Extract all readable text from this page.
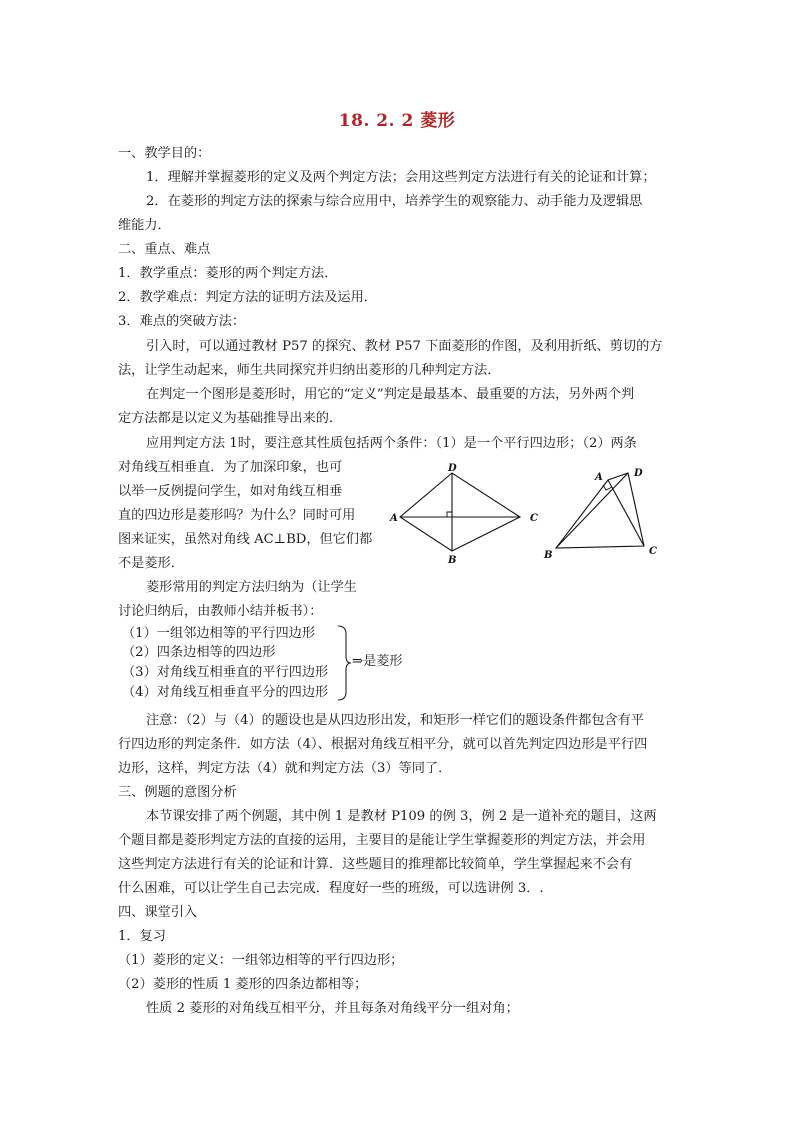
18. 2. 2 菱形
一、教学目的：
1．理解并掌握菱形的定义及两个判定方法；会用这些判定方法进行有关的论证和计算；
2．在菱形的判定方法的探索与综合应用中，培养学生的观察能力、动手能力及逻辑思
维能力．
二、重点、难点
1．教学重点：菱形的两个判定方法．
2．教学难点：判定方法的证明方法及运用．
3．难点的突破方法：
引入时，可以通过教材 P57 的探究、教材 P57 下面菱形的作图，及利用折纸、剪切的方
法，让学生动起来，师生共同探究并归纳出菱形的几种判定方法．
在判定一个图形是菱形时，用它的“定义”判定是最基本、最重要的方法，另外两个判
定方法都是以定义为基础推导出来的．
应用判定方法 1时，要注意其性质包括两个条件：（1）是一个平行四边形；（2）两条
对角线互相垂直．为了加深印象，也可
以举一反例提问学生，如对角线互相垂
直的四边形是菱形吗？为什么？同时可用
图来证实，虽然对角线 AC⊥BD，但它们都
不是菱形．
菱形常用的判定方法归纳为（让学生
讨论归纳后，由教师小结并板书）：
（1）一组邻边相等的平行四边形
（2）四条边相等的四边形
（3）对角线互相垂直的平行四边形
（4）对角线互相垂直平分的四边形
⇒是菱形
注意：（2）与（4）的题设也是从四边形出发，和矩形一样它们的题设条件都包含有平
行四边形的判定条件．如方法（4）、根据对角线互相平分，就可以首先判定四边形是平行四
边形，这样，判定方法（4）就和判定方法（3）等同了．
三、例题的意图分析
本节课安排了两个例题，其中例 1 是教材 P109 的例 3，例 2 是一道补充的题目，这两
个题目都是菱形判定方法的直接的运用，主要目的是能让学生掌握菱形的判定方法，并会用
这些判定方法进行有关的论证和计算．这些题目的推理都比较简单，学生掌握起来不会有
什么困难，可以让学生自己去完成．程度好一些的班级，可以选讲例 3．.
四、课堂引入
1．复习
（1）菱形的定义：一组邻边相等的平行四边形；
（2）菱形的性质 1 菱形的四条边都相等；
性质 2 菱形的对角线互相平分，并且每条对角线平分一组对角；
A
D
C
B
A	D
C
B
